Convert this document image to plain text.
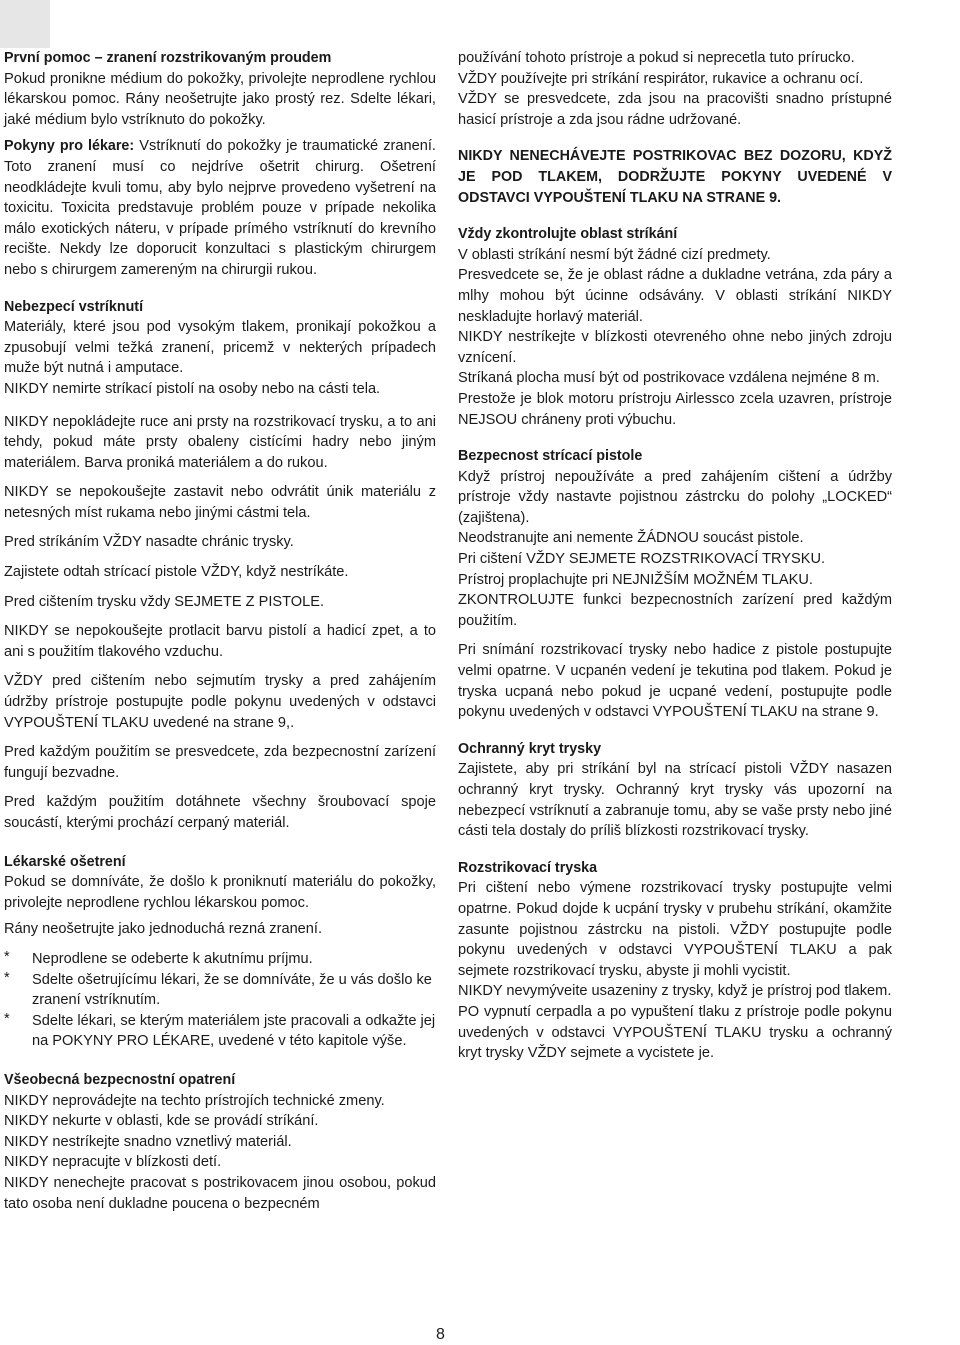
První pomoc – zranení rozstrikovaným proudem
Pokud pronikne médium do pokožky, privolejte neprodlene rychlou lékarskou pomoc. Rány neošetrujte jako prostý rez. Sdelte lékari, jaké médium bylo vstríknuto do pokožky.
Pokyny pro lékare: Vstríknutí do pokožky je traumatické zranení. Toto zranení musí co nejdríve ošetrit chirurg. Ošetrení neodkládejte kvuli tomu, aby bylo nejprve provedeno vyšetrení na toxicitu. Toxicita predstavuje problém pouze v prípade nekolika málo exotických náteru, v prípade prímého vstríknutí do krevního recište. Nekdy lze doporucit konzultaci s plastickým chirurgem nebo s chirurgem zamereným na chirurgii rukou.
Nebezpecí vstríknutí
Materiály, které jsou pod vysokým tlakem, pronikají pokožkou a zpusobují velmi težká zranení, pricemž v nekterých prípadech muže být nutná i amputace.
NIKDY nemirte stríkací pistolí na osoby nebo na cásti tela.

NIKDY nepokládejte ruce ani prsty na rozstrikovací trysku, a to ani tehdy, pokud máte prsty obaleny cistícími hadry nebo jiným materiálem. Barva proniká materiálem a do rukou.

NIKDY se nepokoušejte zastavit nebo odvrátit únik materiálu z netesných míst rukama nebo jinými cástmi tela.

Pred stríkáním VŽDY nasadte chránic trysky.

Zajistete odtah strícací pistole VŽDY, když nestríkáte.

Pred cištením trysku vždy SEJMETE Z PISTOLE.

NIKDY se nepokoušejte protlacit barvu pistolí a hadicí zpet, a to ani s použitím tlakového vzduchu.

VŽDY pred cištením nebo sejmutím trysky a pred zahájením údržby prístroje postupujte podle pokynu uvedených v odstavci VYPOUŠTENÍ TLAKU uvedené na strane 9,.

Pred každým použitím se presvedcete, zda bezpecnostní zarízení fungují bezvadne.

Pred každým použitím dotáhnete všechny šroubovací spoje soucástí, kterými prochází cerpaný materiál.

Lékarské ošetrení
Pokud se domníváte, že došlo k proniknutí materiálu do pokožky, privolejte neprodlene rychlou lékarskou pomoc.

Rány neošetrujte jako jednoduchá rezná zranení.

* Neprodlene se odeberte k akutnímu príjmu.
* Sdelte ošetrujícímu lékari, že se domníváte, že u vás došlo ke zranení vstríknutím.
* Sdelte lékari, se kterým materiálem jste pracovali a odkažte jej na POKYNY PRO LÉKARE, uvedené v této kapitole výše.
Všeobecná bezpecnostní opatrení
NIKDY neprovádejte na techto prístrojích technické zmeny.
NIKDY nekurte v oblasti, kde se provádí stríkání.
NIKDY nestríkejte snadno vznetlivý materiál.
NIKDY nepracujte v blízkosti detí.
NIKDY nenechejte pracovat s postrikovacem jinou osobou, pokud tato osoba není dukladne poucena o bezpecném
používání tohoto prístroje a pokud si neprecetla tuto prírucko.
VŽDY používejte pri stríkání respirátor, rukavice a ochranu ocí.
VŽDY se presvedcete, zda jsou na pracovišti snadno prístupné hasicí prístroje a zda jsou rádne udržované.

NIKDY NENECHÁVEJTE POSTRIKOVAC BEZ DOZORU, KDYŽ JE POD TLAKEM, DODRŽUJTE POKYNY UVEDENÉ V ODSTAVCI VYPOUŠTENÍ TLAKU NA STRANE 9.

Vždy zkontrolujte oblast stríkání
V oblasti stríkání nesmí být žádné cizí predmety.
Presvedcete se, že je oblast rádne a dukladne vetrána, zda páry a mlhy mohou být úcinne odsávány. V oblasti stríkání NIKDY neskladujte horlavý materiál.
NIKDY nestríkejte v blízkosti otevreného ohne nebo jiných zdroju vznícení.
Stríkaná plocha musí být od postrikovace vzdálena nejméne 8 m.
Prestože je blok motoru prístroju Airlessco zcela uzavren, prístroje NEJSOU chráneny proti výbuchu.
Bezpecnost strícací pistole
Když prístroj nepoužíváte a pred zahájením cištení a údržby prístroje vždy nastavte pojistnou zástrcku do polohy „LOCKED“ (zajištena).
Neodstranujte ani nemente ŽÁDNOU soucást pistole.
Pri cištení VŽDY SEJMETE ROZSTRIKOVACÍ TRYSKU.
Prístroj proplachujte pri NEJNIŽŠÍM MOŽNÉM TLAKU.
ZKONTROLUJTE funkci bezpecnostních zarízení pred každým použitím.

Pri snímání rozstrikovací trysky nebo hadice z pistole postupujte velmi opatrne. V ucpanén vedení je tekutina pod tlakem. Pokud je tryska ucpaná nebo pokud je ucpané vedení, postupujte podle pokynu uvedených v odstavci VYPOUŠTENÍ TLAKU na strane 9.

Ochranný kryt trysky
Zajistete, aby pri stríkání byl na strícací pistoli VŽDY nasazen ochranný kryt trysky. Ochranný kryt trysky vás upozorní na nebezpecí vstríknutí a zabranuje tomu, aby se vaše prsty nebo jiné cásti tela dostaly do príliš blízkosti rozstrikovací trysky.
Rozstrikovací tryska
Pri cištení nebo výmene rozstrikovací trysky postupujte velmi opatrne. Pokud dojde k ucpání trysky v prubehu stríkání, okamžite zasunte pojistnou zástrcku na pistoli. VŽDY postupujte podle pokynu uvedených v odstavci VYPOUŠTENÍ TLAKU a pak sejmete rozstrikovací trysku, abyste ji mohli vycistit.
NIKDY nevymýveite usazeniny z trysky, když je prístroj pod tlakem.
PO vypnutí cerpadla a po vypuštení tlaku z prístroje podle pokynu uvedených v odstavci VYPOUŠTENÍ TLAKU trysku a ochranný kryt trysky VŽDY sejmete a vycistete je.
8
